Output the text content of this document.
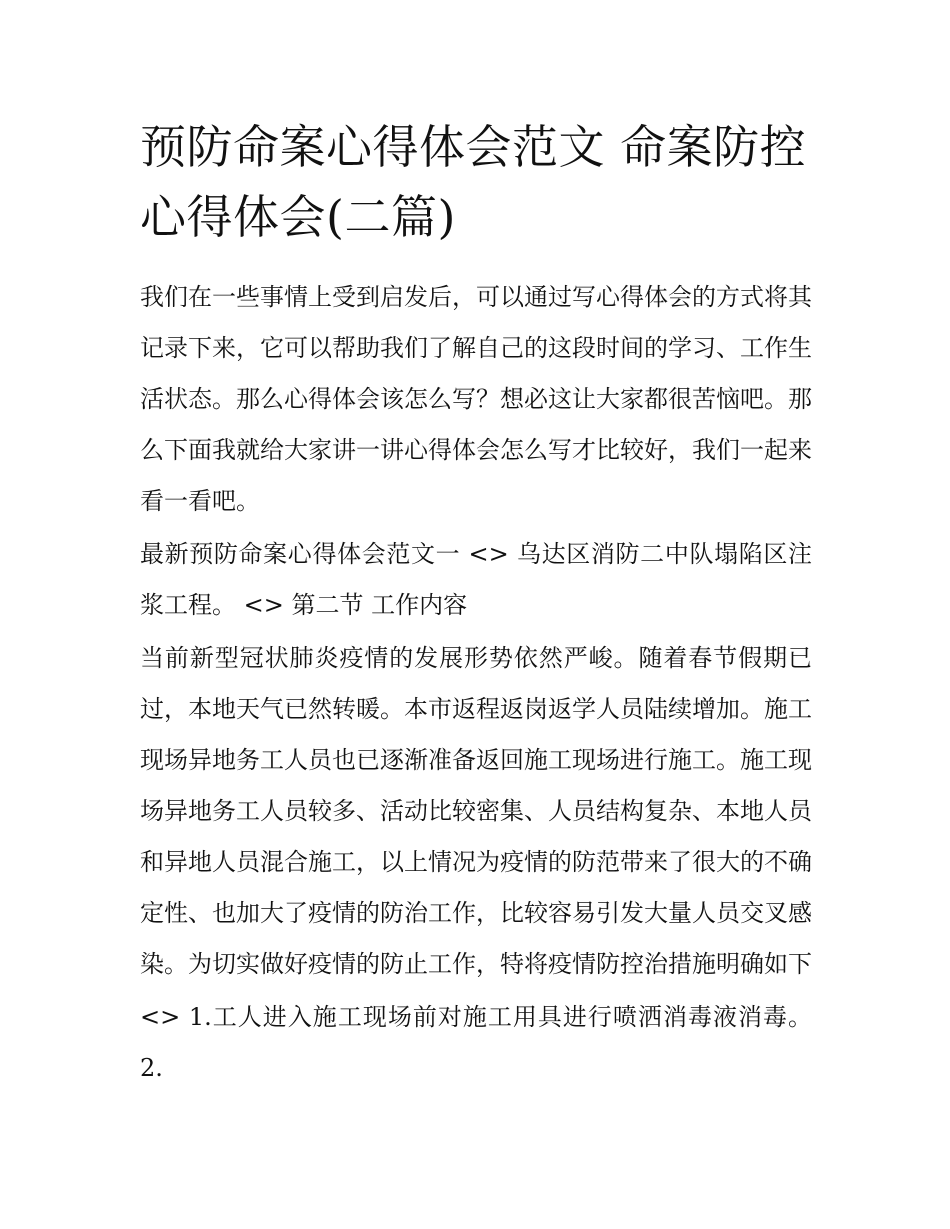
预防命案心得体会范文 命案防控心得体会(二篇)

我们在一些事情上受到启发后，可以通过写心得体会的方式将其记录下来，它可以帮助我们了解自己的这段时间的学习、工作生活状态。那么心得体会该怎么写？想必这让大家都很苦恼吧。那么下面我就给大家讲一讲心得体会怎么写才比较好，我们一起来看一看吧。

最新预防命案心得体会范文一 <> 乌达区消防二中队塌陷区注浆工程。 <> 第二节 工作内容

当前新型冠状肺炎疫情的发展形势依然严峻。随着春节假期已过，本地天气已然转暖。本市返程返岗返学人员陆续增加。施工现场异地务工人员也已逐渐准备返回施工现场进行施工。施工现场异地务工人员较多、活动比较密集、人员结构复杂、本地人员和异地人员混合施工，以上情况为疫情的防范带来了很大的不确定性、也加大了疫情的防治工作，比较容易引发大量人员交叉感染。为切实做好疫情的防止工作，特将疫情防控治措施明确如下

<> 1.工人进入施工现场前对施工用具进行喷洒消毒液消毒。 2.
